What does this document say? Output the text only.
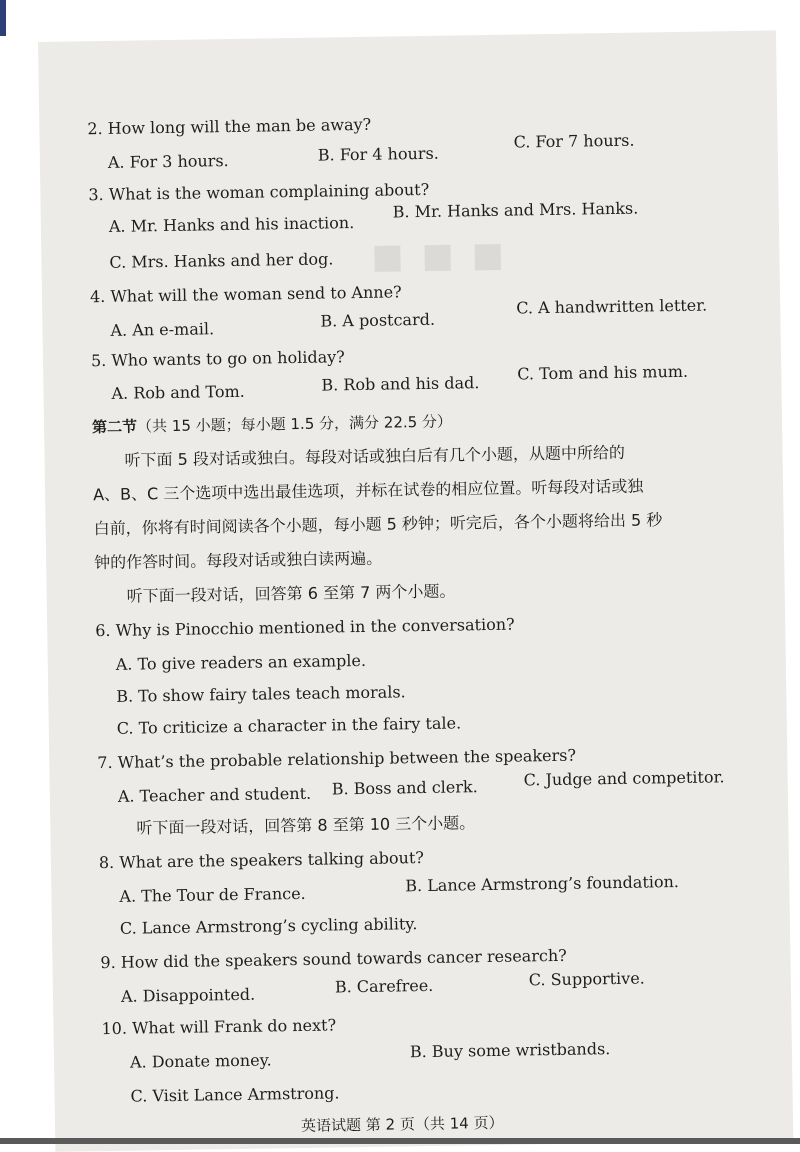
■■■
2. How long will the man be away?
A. For 3 hours.	B. For 4 hours.
C. For 7 hours.
3. What is the woman complaining about?
A. Mr. Hanks and his inaction.
B. Mr. Hanks and Mrs. Hanks.
C. Mrs. Hanks and her dog.
4. What will the woman send to Anne?
A. An e-mail.	B. A postcard.
C. A handwritten letter.
5. Who wants to go on holiday?
A. Rob and Tom.	B. Rob and his dad.
C. Tom and his mum.
第二节（共 15 小题；每小题 1.5 分，满分 22.5 分）
听下面 5 段对话或独白。每段对话或独白后有几个小题，从题中所给的
A、B、C 三个选项中选出最佳选项，并标在试卷的相应位置。听每段对话或独
白前，你将有时间阅读各个小题，每小题 5 秒钟；听完后，各个小题将给出 5 秒
钟的作答时间。每段对话或独白读两遍。
听下面一段对话，回答第 6 至第 7 两个小题。
6. Why is Pinocchio mentioned in the conversation?
A. To give readers an example.
B. To show fairy tales teach morals.
C. To criticize a character in the fairy tale.
7. What’s the probable relationship between the speakers?
A. Teacher and student. B. Boss and clerk.	C. Judge and competitor.
听下面一段对话，回答第 8 至第 10 三个小题。
8. What are the speakers talking about?
A. The Tour de France.	B. Lance Armstrong’s foundation.
C. Lance Armstrong’s cycling ability.
9. How did the speakers sound towards cancer research?
A. Disappointed.	B. Carefree.	C. Supportive.
10. What will Frank do next?
A. Donate money.	B. Buy some wristbands.
C. Visit Lance Armstrong.
英语试题 第 2 页（共 14 页）
